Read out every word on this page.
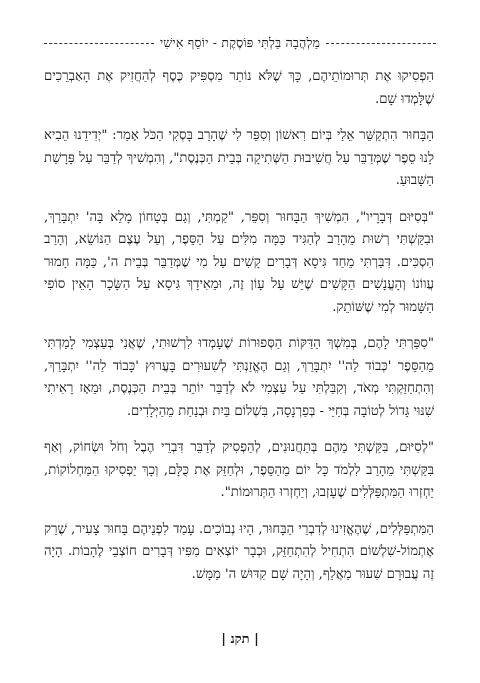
מַלְהֲבָה בַּלְתִּי פּוֹסֶקֶת - יוֹסֵף אִישִׁי

הִפְסִיקוּ אֶת תְּרוּמוֹתֵיהֶם, כָּךְ שֶׁלֹּא נוֹתַר מִסְפִּיק כֶּסֶף לְהַחֲזִיק אֶת הָאַבְרֵכִים שֶׁלָּמְדוּ שָׁם.

הַבָּחוּר הִתְקַשֵּׁר אֵלַי בְּיוֹם רִאשׁוֹן וְסִפֵּר לִי שֶׁהָרַב בָּסְקִי הַכֹּל אָמַר: "יְדִידֵנוּ הֵבִיא לָנוּ סֵפֶר שֶׁמְּדַבֵּר עַל חֲשִׁיבוּת הַשְּׁתִיקָה בְּבֵית הַכְּנֶסֶת", וְהִמְשִׁיךְ לְדַבֵּר עַל פָּרָשַׁת הַשָּׁבוּעַ.

"בְּסִיּוּם דְּבָרָיו", הִמְשִׁיךְ הַבָּחוּר וְסִפֵּר, "קַמְתִּי, וְגַם בְּטָחוֹן מָלֵא בָּה' יִתְבָּרַךְ, וּבִקַּשְׁתִּי רְשׁוּת מֵהָרַב לְהַגִּיד כַּמָּה מִלִּים עַל הַסֵּפֶר, וְעַל עֶצֶם הַנּוֹשֵׂא, וְהָרַב הִסְכִּים. דִּבַּרְתִּי מֵחַד גִּיסָא דְּבָרִים קָשִׁים עַל מִי שֶׁמְּדַבֵּר בְּבֵית ה', כַּמָּה חָמוּר עֲווֹנוֹ וְהָעֳנָשִׁים הַקָּשִׁים שֶׁיֵּשׁ עַל עָוֹן זֶה, וּמֵאִידָךְ גִּיסָא עַל הַשָּׂכָר הָאֵין סוֹפִי הַשָּׁמוּר לְמִי שֶׁשּׁוֹתֵק.

"סִפַּרְתִּי לָהֶם, בְּמִשְׁךְ הַדַּקּוֹת הַסְּפוּרוֹת שֶׁעָמְדוּ לִרְשׁוּתִי, שֶׁאֲנִי בְּעַצְמִי לָמַדְתִּי מֵהַסֵּפֶר 'כְּבוֹד לַה'' יִתְבָּרַךְ, וְגַם הֶאֱזַנְתִּי לְשִׁעוּרִים בָּעֲרוּץ 'כָּבוֹד לַה'' יִתְבָּרַךְ, וְהִתְחַזַּקְתִּי מְאֹד, וְקִבַּלְתִּי עַל עַצְמִי לֹא לְדַבֵּר יוֹתֵר בְּבֵית הַכְּנֶסֶת, וּמֵאָז רָאִיתִי שִׁנּוּי גָּדוֹל לְטוֹבָה בְּחַיַּי - בְּפַרְנָסָה, בִּשְׁלוֹם בַּיִת וּבְנַחַת מֵהַיְּלָדִים.

"לְסִיּוּם, בִּקַּשְׁתִּי מֵהֶם בְּתַחֲנוּנִים, לְהַפְסִיק לְדַבֵּר דִּבְרֵי הֶבֶל וְחֹל וּשְׂחוֹק, וְאַף בִּקַּשְׁתִּי מֵהָרַב לִלְמֹד כָּל יוֹם מֵהַסֵּפֶר, וּלְחַזֵּק אֶת כֻּלָּם, וְכָךְ יַפְסִיקוּ הַמַּחְלוֹקוֹת, יַחְזְרוּ הַמִּתְפַּלְּלִים שֶׁעָזְבוּ, וְיַחְזְרוּ הַתְּרוּמוֹת".

הַמִּתְפַּלְּלִים, שֶׁהֶאֱזִינוּ לְדִבְרֵי הַבָּחוּר, הָיוּ נְבוֹכִים. עָמַד לִפְנֵיהֶם בָּחוּר צָעִיר, שֶׁרַק אֶתְמוֹל-שִׁלְשׁוֹם הִתְחִיל לְהִתְחַזֵּק, וּכְבָר יוֹצְאִים מִפִּיו דְּבָרִים חוֹצְבֵי לֶהָבוֹת. הָיָה זֶה עֲבוּרָם שִׁעוּר מַאֲלֵף, וְהָיָה שָׁם קִדּוּשׁ ה' מַמָּשׁ.

| תקנ |
